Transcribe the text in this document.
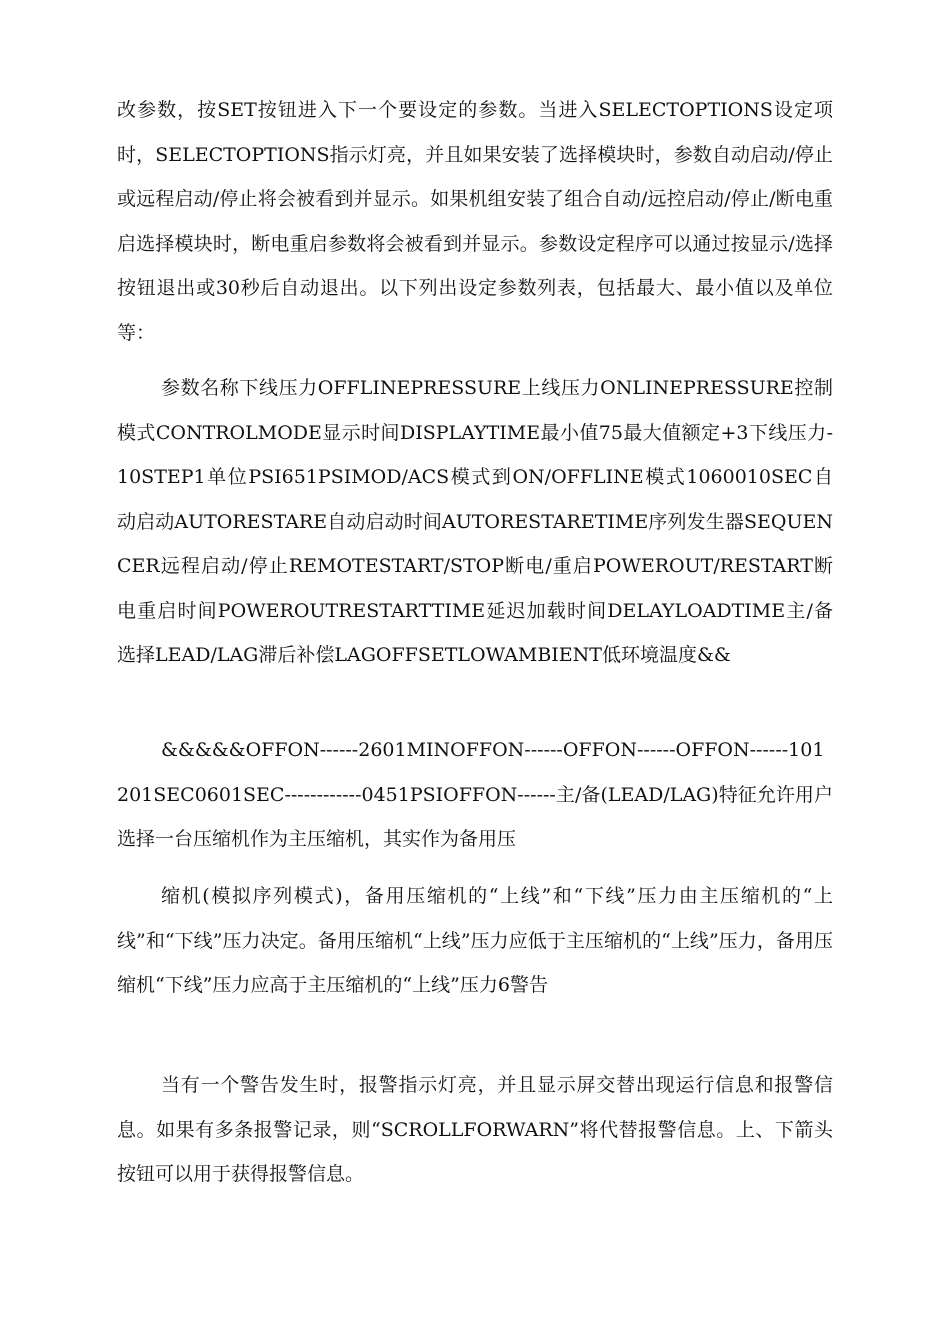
改参数，按SET按钮进入下一个要设定的参数。当进入SELECTOPTIONS设定项时，SELECTOPTIONS指示灯亮，并且如果安装了选择模块时，参数自动启动/停止或远程启动/停止将会被看到并显示。如果机组安装了组合自动/远控启动/停止/断电重启选择模块时，断电重启参数将会被看到并显示。参数设定程序可以通过按显示/选择按钮退出或30秒后自动退出。以下列出设定参数列表，包括最大、最小值以及单位等：

参数名称下线压力OFFLINEPRESSURE上线压力ONLINEPRESSURE控制模式CONTROLMODE显示时间DISPLAYTIME最小值75最大值额定+3下线压力-10STEP1单位PSI651PSIMOD/ACS模式到ON/OFFLINE模式1060010SEC自动启动AUTORESTARE自动启动时间AUTORESTARETIME序列发生器SEQUENCER远程启动/停止REMOTESTART/STOP断电/重启POWEROUT/RESTART断电重启时间POWEROUTRESTARTTIME延迟加载时间DELAYLOADTIME主/备选择LEAD/LAG滞后补偿LAGOFFSETLOWAMBIENT低环境温度&&

&&&&&OFFON------2601MINOFFON------OFFON------OFFON------101201SEC0601SEC------------0451PSIOFFON------主/备(LEAD/LAG)特征允许用户选择一台压缩机作为主压缩机，其实作为备用压

缩机(模拟序列模式)，备用压缩机的“上线”和“下线”压力由主压缩机的“上线”和“下线”压力决定。备用压缩机“上线”压力应低于主压缩机的“上线”压力，备用压缩机“下线”压力应高于主压缩机的“上线”压力6警告

当有一个警告发生时，报警指示灯亮，并且显示屏交替出现运行信息和报警信息。如果有多条报警记录，则“SCROLLFORWARN”将代替报警信息。上、下箭头按钮可以用于获得报警信息。
